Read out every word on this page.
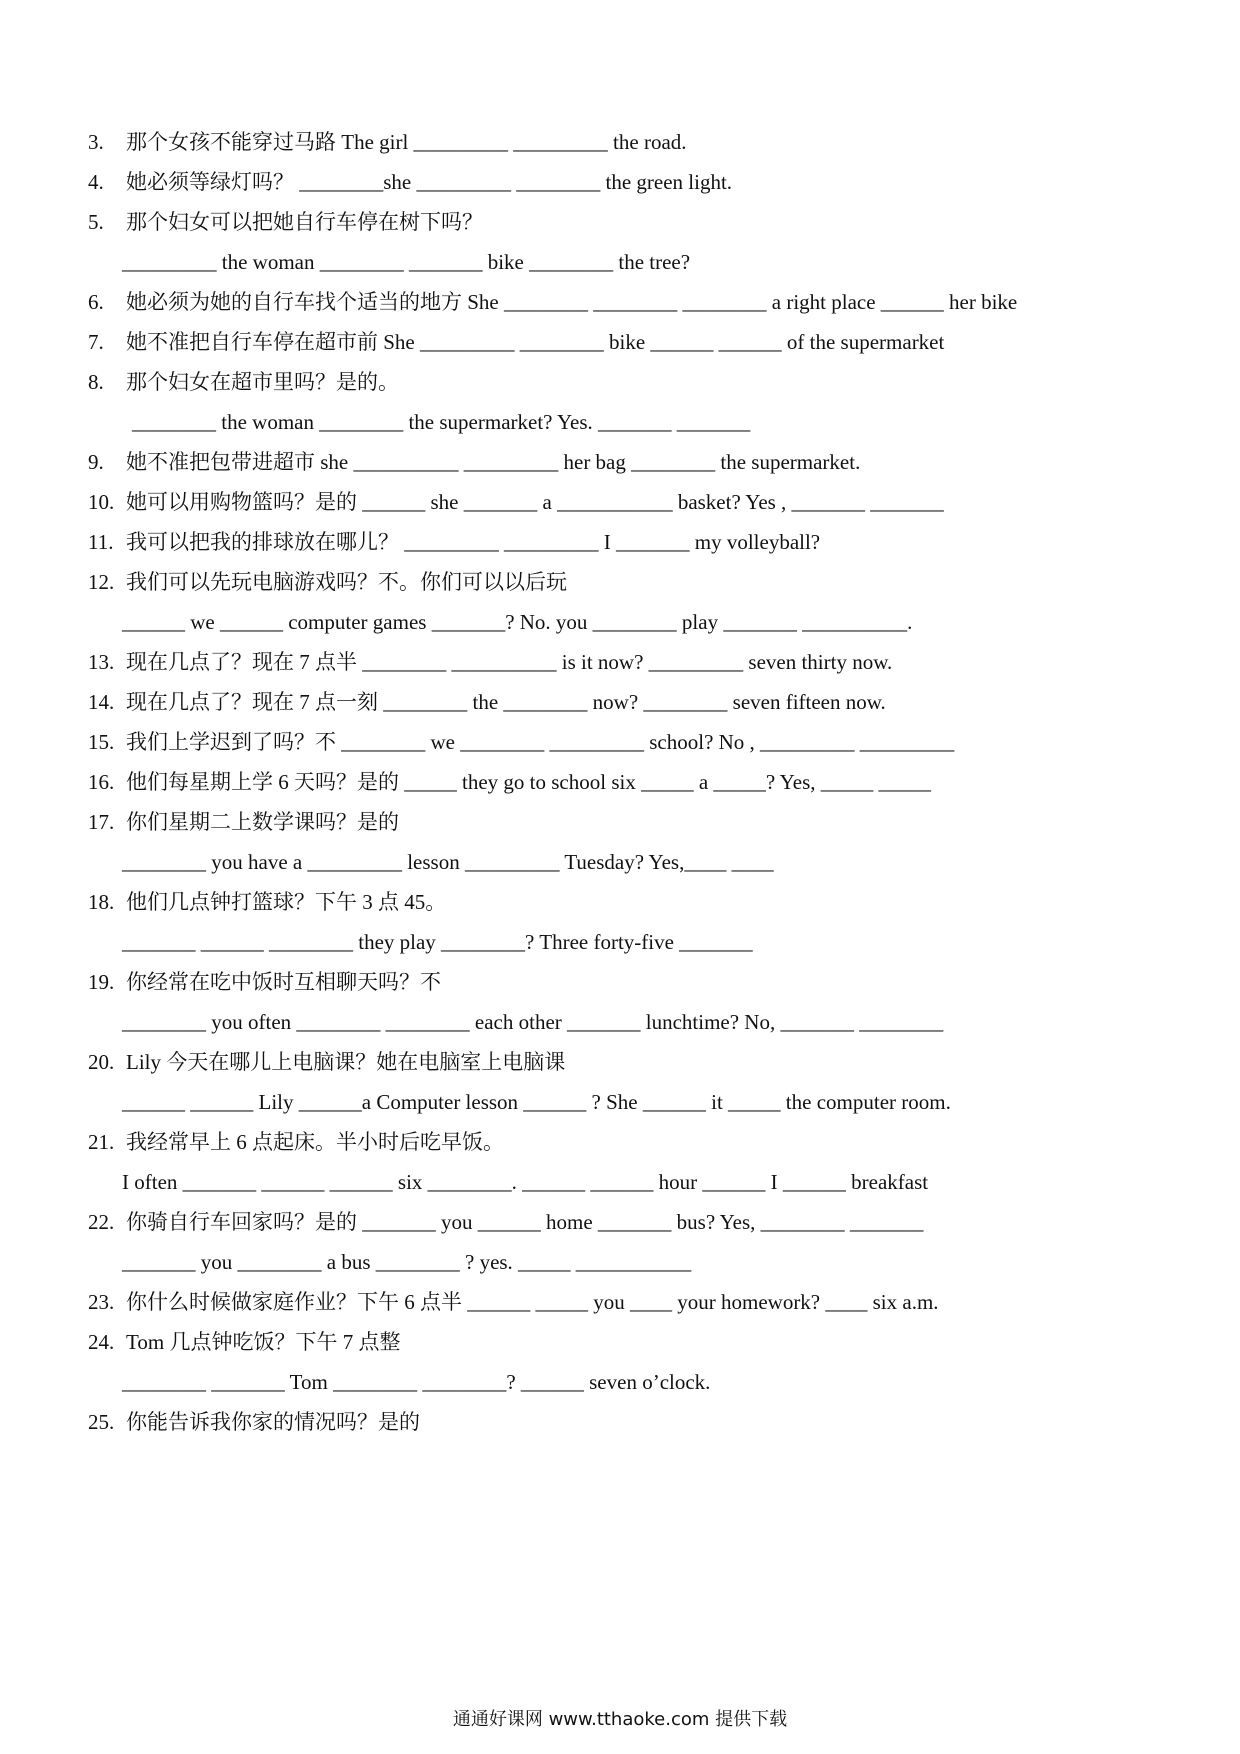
3. 那个女孩不能穿过马路 The girl _________ _________ the road.
4. 她必须等绿灯吗？ ________she _________ ________ the green light.
5. 那个妇女可以把她自行车停在树下吗？
_________ the woman ________ _______ bike ________ the tree?
6. 她必须为她的自行车找个适当的地方 She ________ ________ ________ a right place ______ her bike
7. 她不准把自行车停在超市前 She _________ ________ bike ______ ______ of the supermarket
8. 那个妇女在超市里吗？是的。
________ the woman ________ the supermarket? Yes. _______ _______
9. 她不准把包带进超市 she __________ _________ her bag ________ the supermarket.
10. 她可以用购物篮吗？是的 ______ she _______ a ___________ basket? Yes , _______ _______
11. 我可以把我的排球放在哪儿？ _________ _________ I _______ my volleyball?
12. 我们可以先玩电脑游戏吗？不。你们可以以后玩
______ we ______ computer games _______? No. you ________ play _______ __________.
13. 现在几点了？现在 7 点半 ________ __________ is it now? _________ seven thirty now.
14. 现在几点了？现在 7 点一刻 ________ the ________ now? ________ seven fifteen now.
15. 我们上学迟到了吗？不 ________ we ________ _________ school? No , _________ _________
16. 他们每星期上学 6 天吗？是的 _____ they go to school six _____ a _____? Yes, _____ _____
17. 你们星期二上数学课吗？是的
________ you have a _________ lesson _________ Tuesday? Yes,____ ____
18. 他们几点钟打篮球？下午 3 点 45。
_______ ______ ________ they play ________? Three forty-five _______
19. 你经常在吃中饭时互相聊天吗？不
________ you often ________ ________ each other _______ lunchtime? No, _______ ________
20. Lily 今天在哪儿上电脑课？她在电脑室上电脑课
______ ______ Lily ______a Computer lesson ______ ? She ______ it _____ the computer room.
21. 我经常早上 6 点起床。半小时后吃早饭。
I often _______ ______ ______ six ________. ______ ______ hour ______ I ______ breakfast
22. 你骑自行车回家吗？是的 _______ you ______ home _______ bus? Yes, ________ _______
_______ you ________ a bus ________ ? yes. _____ ___________
23. 你什么时候做家庭作业？下午 6 点半 ______ _____ you ____ your homework? ____ six a.m.
24. Tom 几点钟吃饭？下午 7 点整
________ _______ Tom ________ ________? ______ seven o’clock.
25. 你能告诉我你家的情况吗？是的
通通好课网 www.tthaoke.com 提供下载
